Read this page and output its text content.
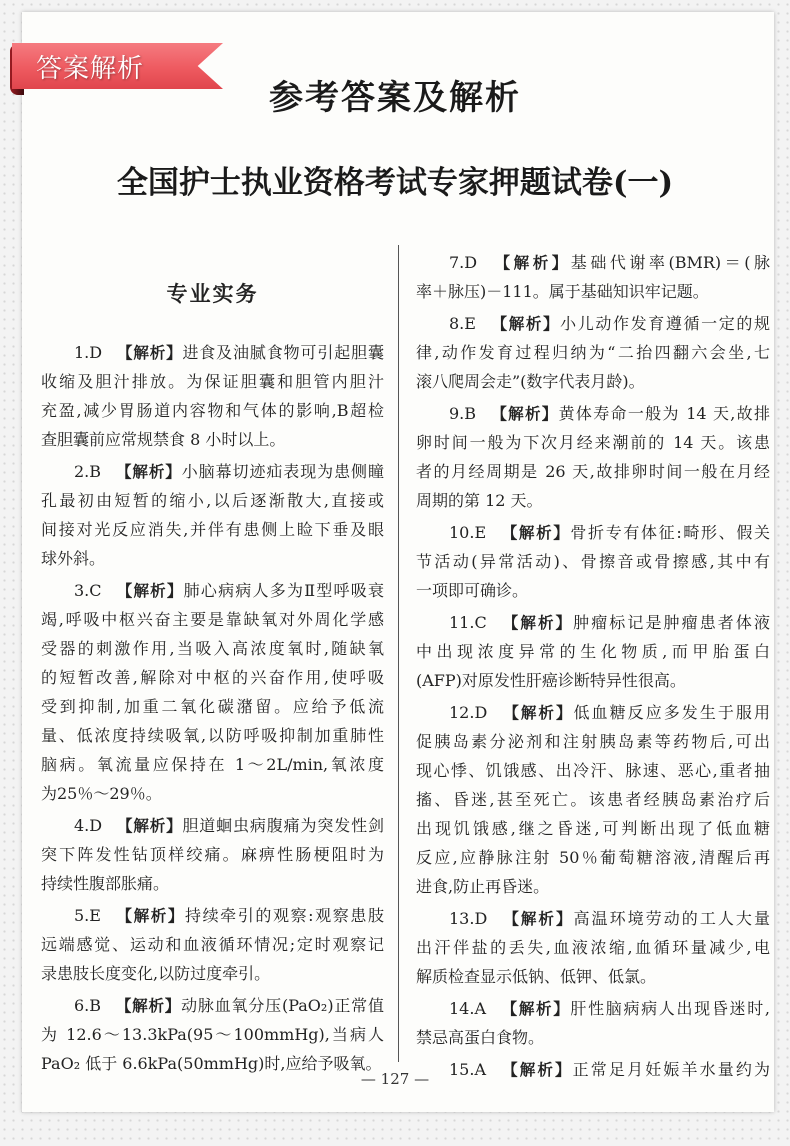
答案解析
参考答案及解析
全国护士执业资格考试专家押题试卷(一)
专业实务
1.D 【解析】进食及油腻食物可引起胆囊
收缩及胆汁排放。为保证胆囊和胆管内胆汁
充盈,减少胃肠道内容物和气体的影响,B超检
查胆囊前应常规禁食 8 小时以上。
2.B 【解析】小脑幕切迹疝表现为患侧瞳
孔最初由短暂的缩小,以后逐渐散大,直接或
间接对光反应消失,并伴有患侧上睑下垂及眼
球外斜。
3.C 【解析】肺心病病人多为Ⅱ型呼吸衰
竭,呼吸中枢兴奋主要是靠缺氧对外周化学感
受器的刺激作用,当吸入高浓度氧时,随缺氧
的短暂改善,解除对中枢的兴奋作用,使呼吸
受到抑制,加重二氧化碳潴留。应给予低流
量、低浓度持续吸氧,以防呼吸抑制加重肺性
脑病。氧流量应保持在 1～2L/min,氧浓度
为25％～29％。
4.D 【解析】胆道蛔虫病腹痛为突发性剑
突下阵发性钻顶样绞痛。麻痹性肠梗阻时为
持续性腹部胀痛。
5.E 【解析】持续牵引的观察:观察患肢
远端感觉、运动和血液循环情况;定时观察记
录患肢长度变化,以防过度牵引。
6.B 【解析】动脉血氧分压(PaO₂)正常值
为 12.6～13.3kPa(95～100mmHg),当病人
PaO₂ 低于 6.6kPa(50mmHg)时,应给予吸氧。
7.D 【解析】基础代谢率(BMR)＝(脉
率＋脉压)－111。属于基础知识牢记题。
8.E 【解析】小儿动作发育遵循一定的规
律,动作发育过程归纳为“二抬四翻六会坐,七
滚八爬周会走”(数字代表月龄)。
9.B 【解析】黄体寿命一般为 14 天,故排
卵时间一般为下次月经来潮前的 14 天。该患
者的月经周期是 26 天,故排卵时间一般在月经
周期的第 12 天。
10.E 【解析】骨折专有体征:畸形、假关
节活动(异常活动)、骨擦音或骨擦感,其中有
一项即可确诊。
11.C 【解析】肿瘤标记是肿瘤患者体液
中出现浓度异常的生化物质,而甲胎蛋白
(AFP)对原发性肝癌诊断特异性很高。
12.D 【解析】低血糖反应多发生于服用
促胰岛素分泌剂和注射胰岛素等药物后,可出
现心悸、饥饿感、出冷汗、脉速、恶心,重者抽
搐、昏迷,甚至死亡。该患者经胰岛素治疗后
出现饥饿感,继之昏迷,可判断出现了低血糖
反应,应静脉注射 50％葡萄糖溶液,清醒后再
进食,防止再昏迷。
13.D 【解析】高温环境劳动的工人大量
出汗伴盐的丢失,血液浓缩,血循环量减少,电
解质检查显示低钠、低钾、低氯。
14.A 【解析】肝性脑病病人出现昏迷时,
禁忌高蛋白食物。
15.A 【解析】正常足月妊娠羊水量约为
— 127 —
